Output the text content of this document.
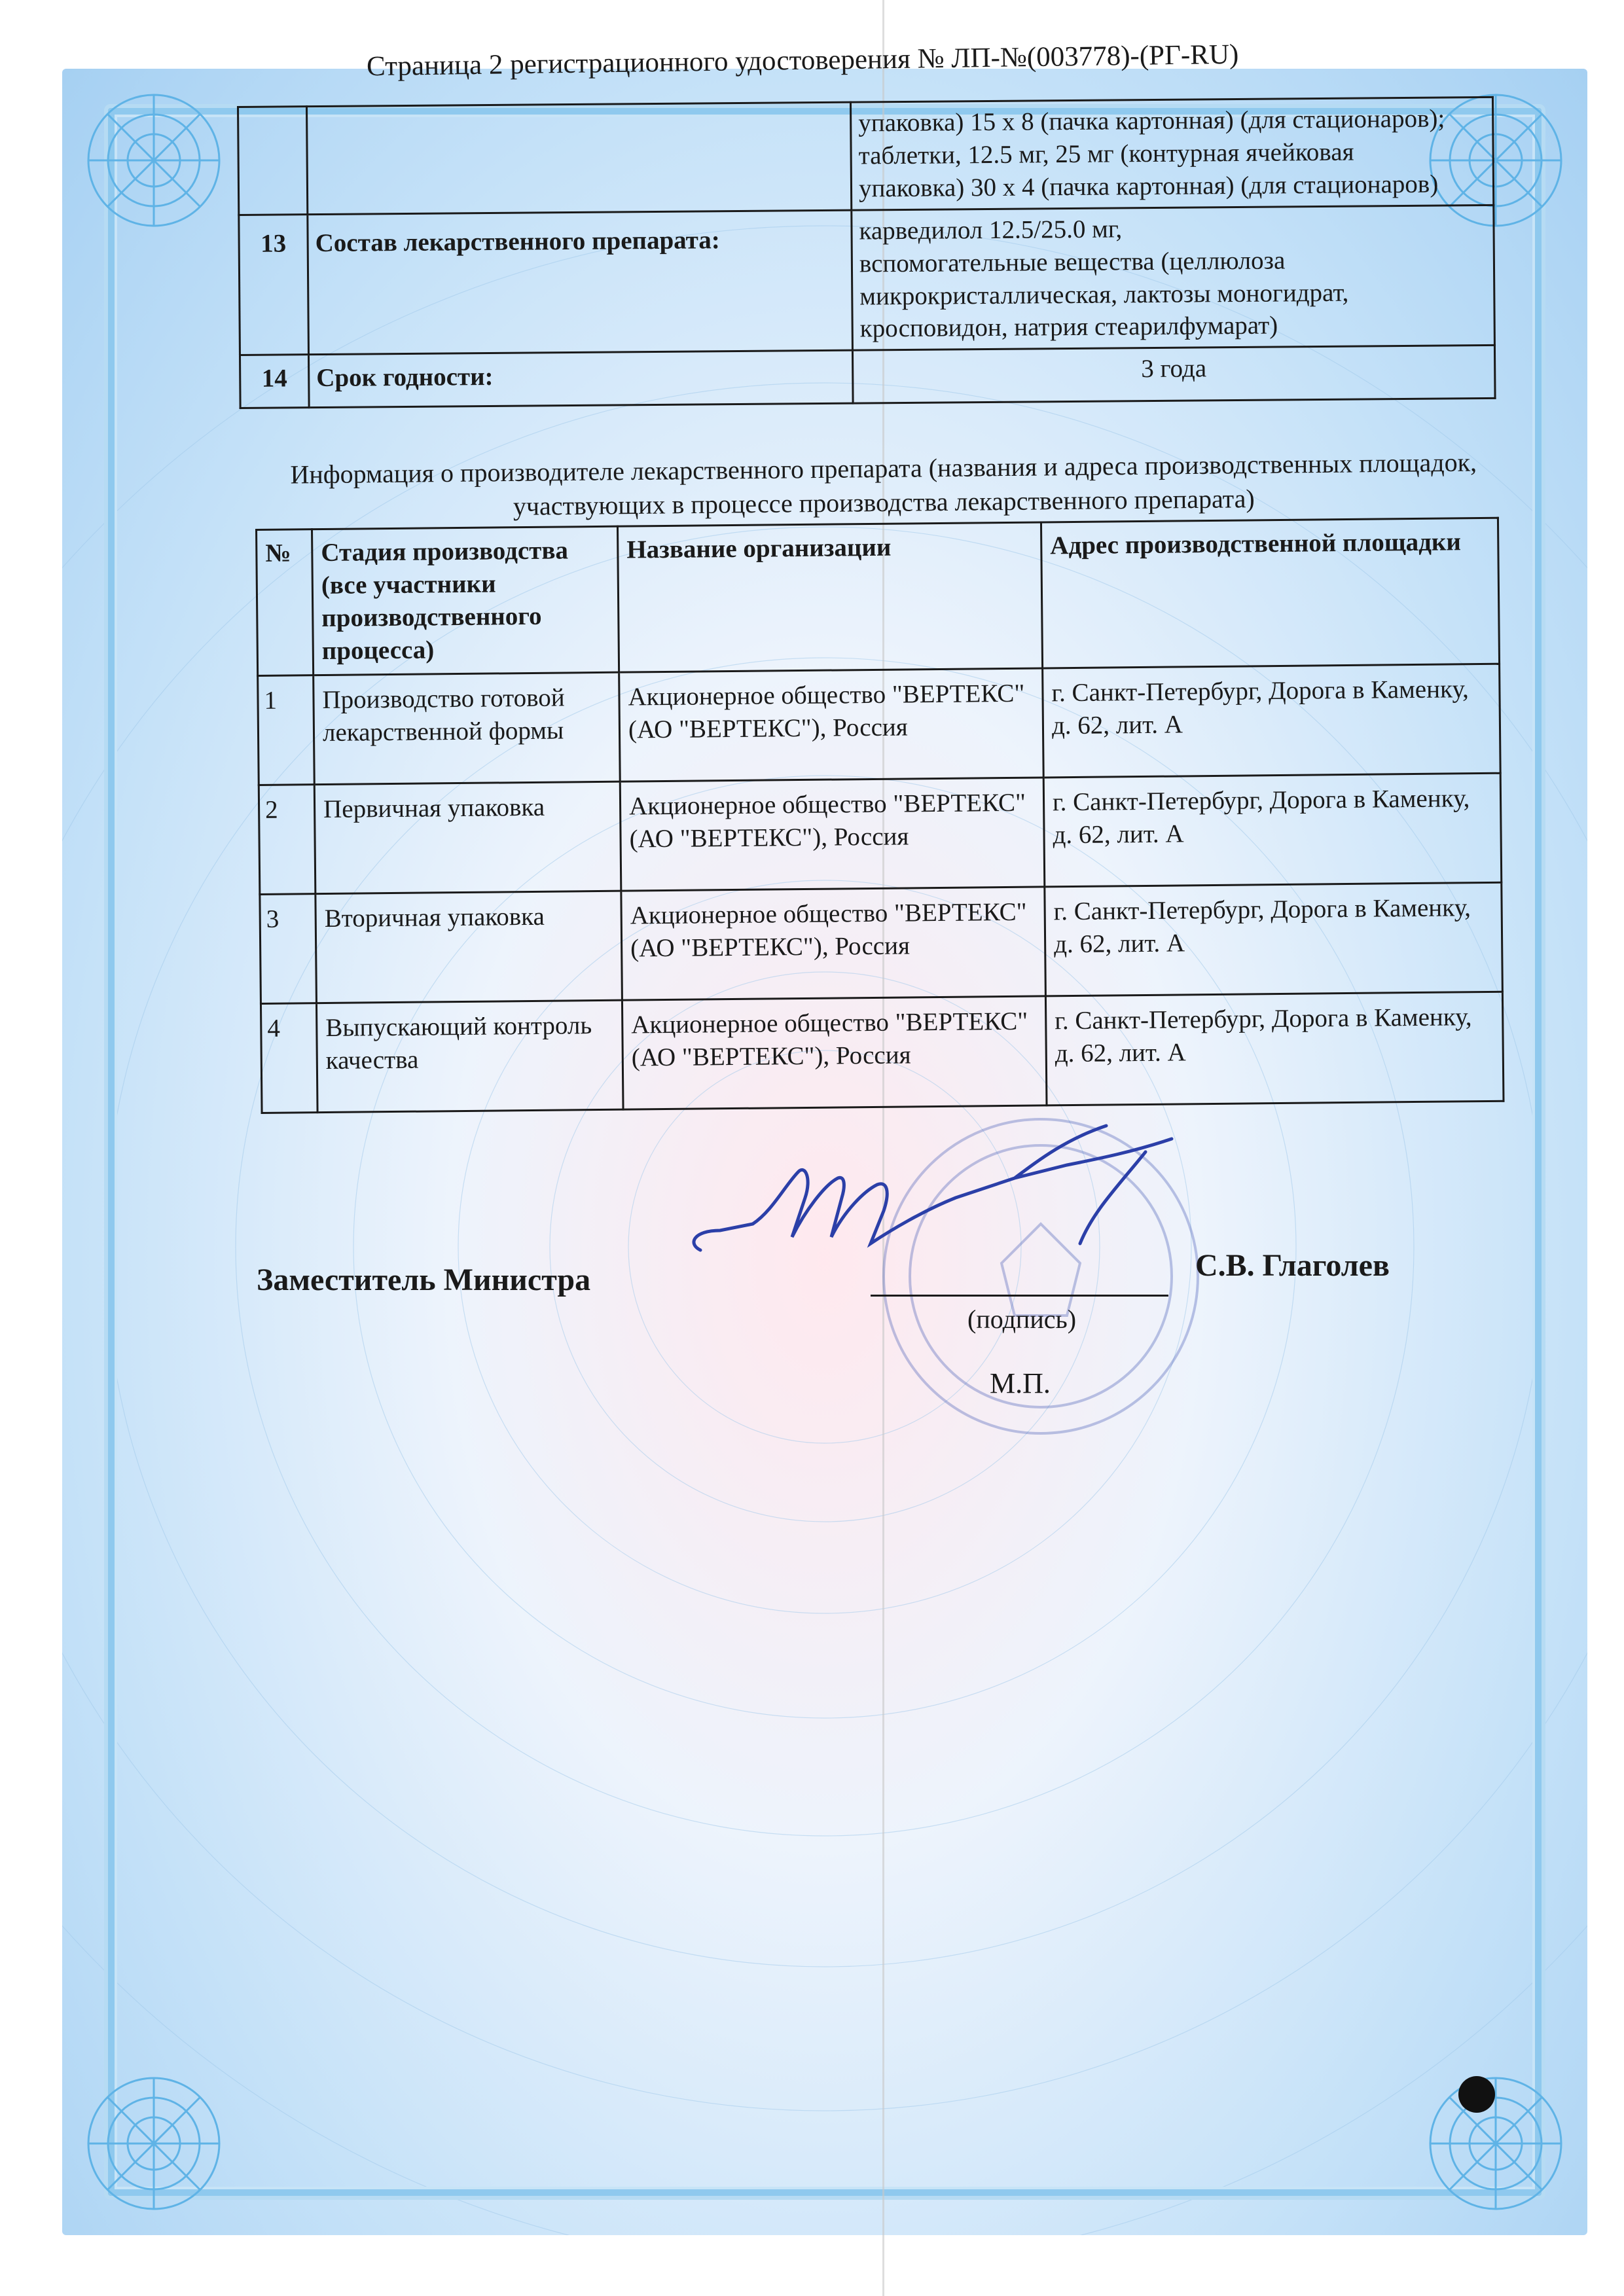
Страница 2 регистрационного удостоверения № ЛП-№(003778)-(РГ-RU)

		упаковка) 15 х 8 (пачка картонная) (для стационаров);
таблетки, 12.5 мг, 25 мг (контурная ячейковая
упаковка) 30 х 4 (пачка картонная) (для стационаров)

13	Состав лекарственного препарата:	карведилол 12.5/25.0 мг,
вспомогательные вещества (целлюлоза
микрокристаллическая, лактозы моногидрат,
кросповидон, натрия стеарилфумарат)

14	Срок годности:	3 года
Информация о производителе лекарственного препарата (названия и адреса производственных площадок,
участвующих в процессе производства лекарственного препарата)
№	Стадия производства (все участники производственного процесса)	Название организации	Адрес производственной площадки
1	Производство готовой лекарственной формы	Акционерное общество "ВЕРТЕКС" (АО "ВЕРТЕКС"), Россия	г. Санкт-Петербург, Дорога в Каменку, д. 62, лит. А
2	Первичная упаковка	Акционерное общество "ВЕРТЕКС" (АО "ВЕРТЕКС"), Россия	г. Санкт-Петербург, Дорога в Каменку, д. 62, лит. А
3	Вторичная упаковка	Акционерное общество "ВЕРТЕКС" (АО "ВЕРТЕКС"), Россия	г. Санкт-Петербург, Дорога в Каменку, д. 62, лит. А
4	Выпускающий контроль качества	Акционерное общество "ВЕРТЕКС" (АО "ВЕРТЕКС"), Россия	г. Санкт-Петербург, Дорога в Каменку, д. 62, лит. А
Заместитель Министра	С.В. Глаголев
(подпись)
М.П.
